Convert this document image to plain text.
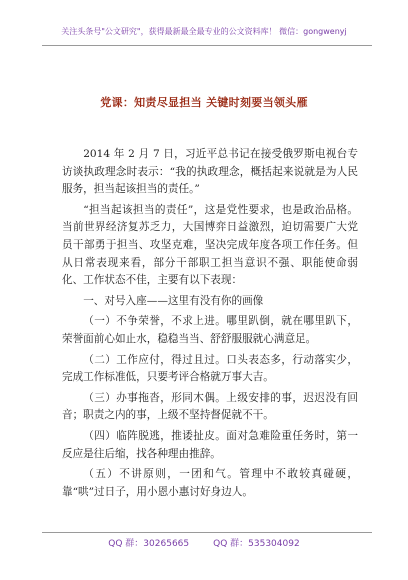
关注头条号"公文研究"，获得最新最全最专业的公文资料库！ 微信：gongwenyj
党课：知责尽显担当 关键时刻要当领头雁

2014 年 2 月 7 日，习近平总书记在接受俄罗斯电视台专访谈执政理念时表示：“我的执政理念，概括起来说就是为人民服务，担当起该担当的责任。”

“担当起该担当的责任”，这是党性要求，也是政治品格。当前世界经济复苏乏力，大国博弈日益激烈，迫切需要广大党员干部勇于担当、攻坚克难，坚决完成年度各项工作任务。但从日常表现来看，部分干部职工担当意识不强、职能使命弱化、工作状态不佳，主要有以下表现：

一、对号入座——这里有没有你的画像

（一）不争荣誉，不求上进。哪里趴倒，就在哪里趴下，荣誉面前心如止水，稳稳当当、舒舒服服就心满意足。

（二）工作应付，得过且过。口头表态多，行动落实少，完成工作标准低，只要考评合格就万事大吉。

（三）办事拖沓，形同木偶。上级安排的事，迟迟没有回音；职责之内的事，上级不坚持督促就不干。

（四）临阵脱逃，推诿扯皮。面对急难险重任务时，第一反应是往后缩，找各种理由推辞。

（五）不讲原则，一团和气。管理中不敢较真碰硬，靠“哄”过日子，用小恩小惠讨好身边人。

QQ 群：30265665	QQ 群：535304092
